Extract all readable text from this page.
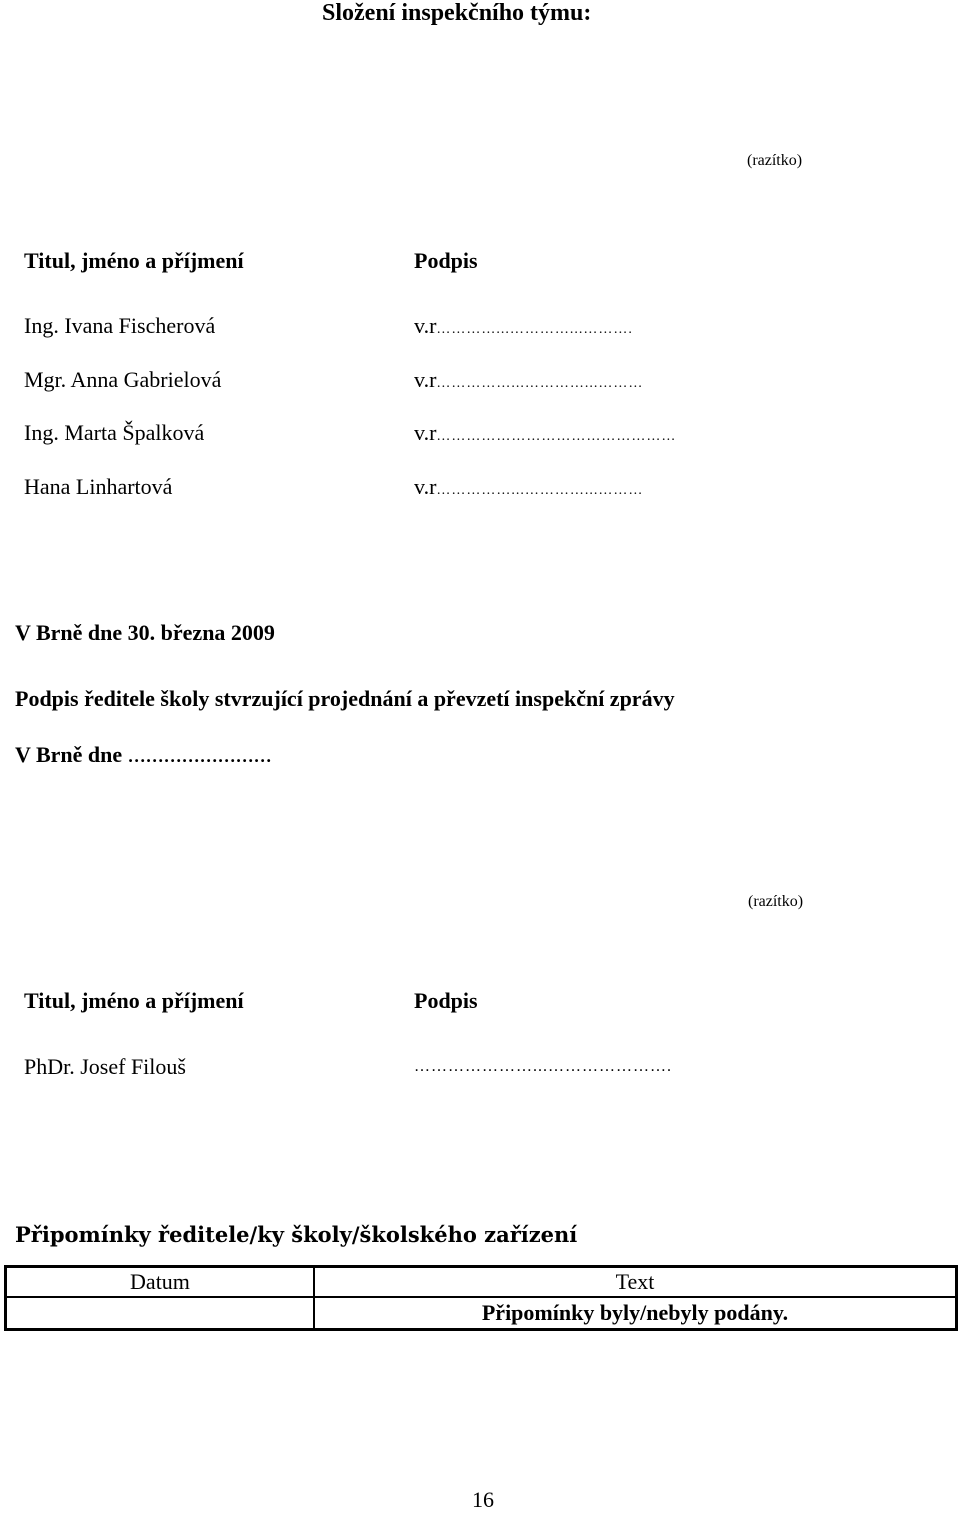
Složení inspekčního týmu:
(razítko)
Titul, jméno a příjmení	Podpis
Ing. Ivana Fischerová	v.r…………...…………...……….
Mgr. Anna Gabrielová	v.r……………...…………...………
Ing. Marta Špalková	v.r…………………………………………
Hana Linhartová	v.r……………...…………...………
V Brně dne 30. března 2009
Podpis ředitele školy stvrzující projednání a převzetí inspekční zprávy
V Brně dne ……………………
(razítko)
Titul, jméno a příjmení	Podpis
PhDr. Josef Filouš	…………………...………………….
Připomínky ředitele/ky školy/školského zařízení
Datum	Text
	Připomínky byly/nebyly podány.
16
